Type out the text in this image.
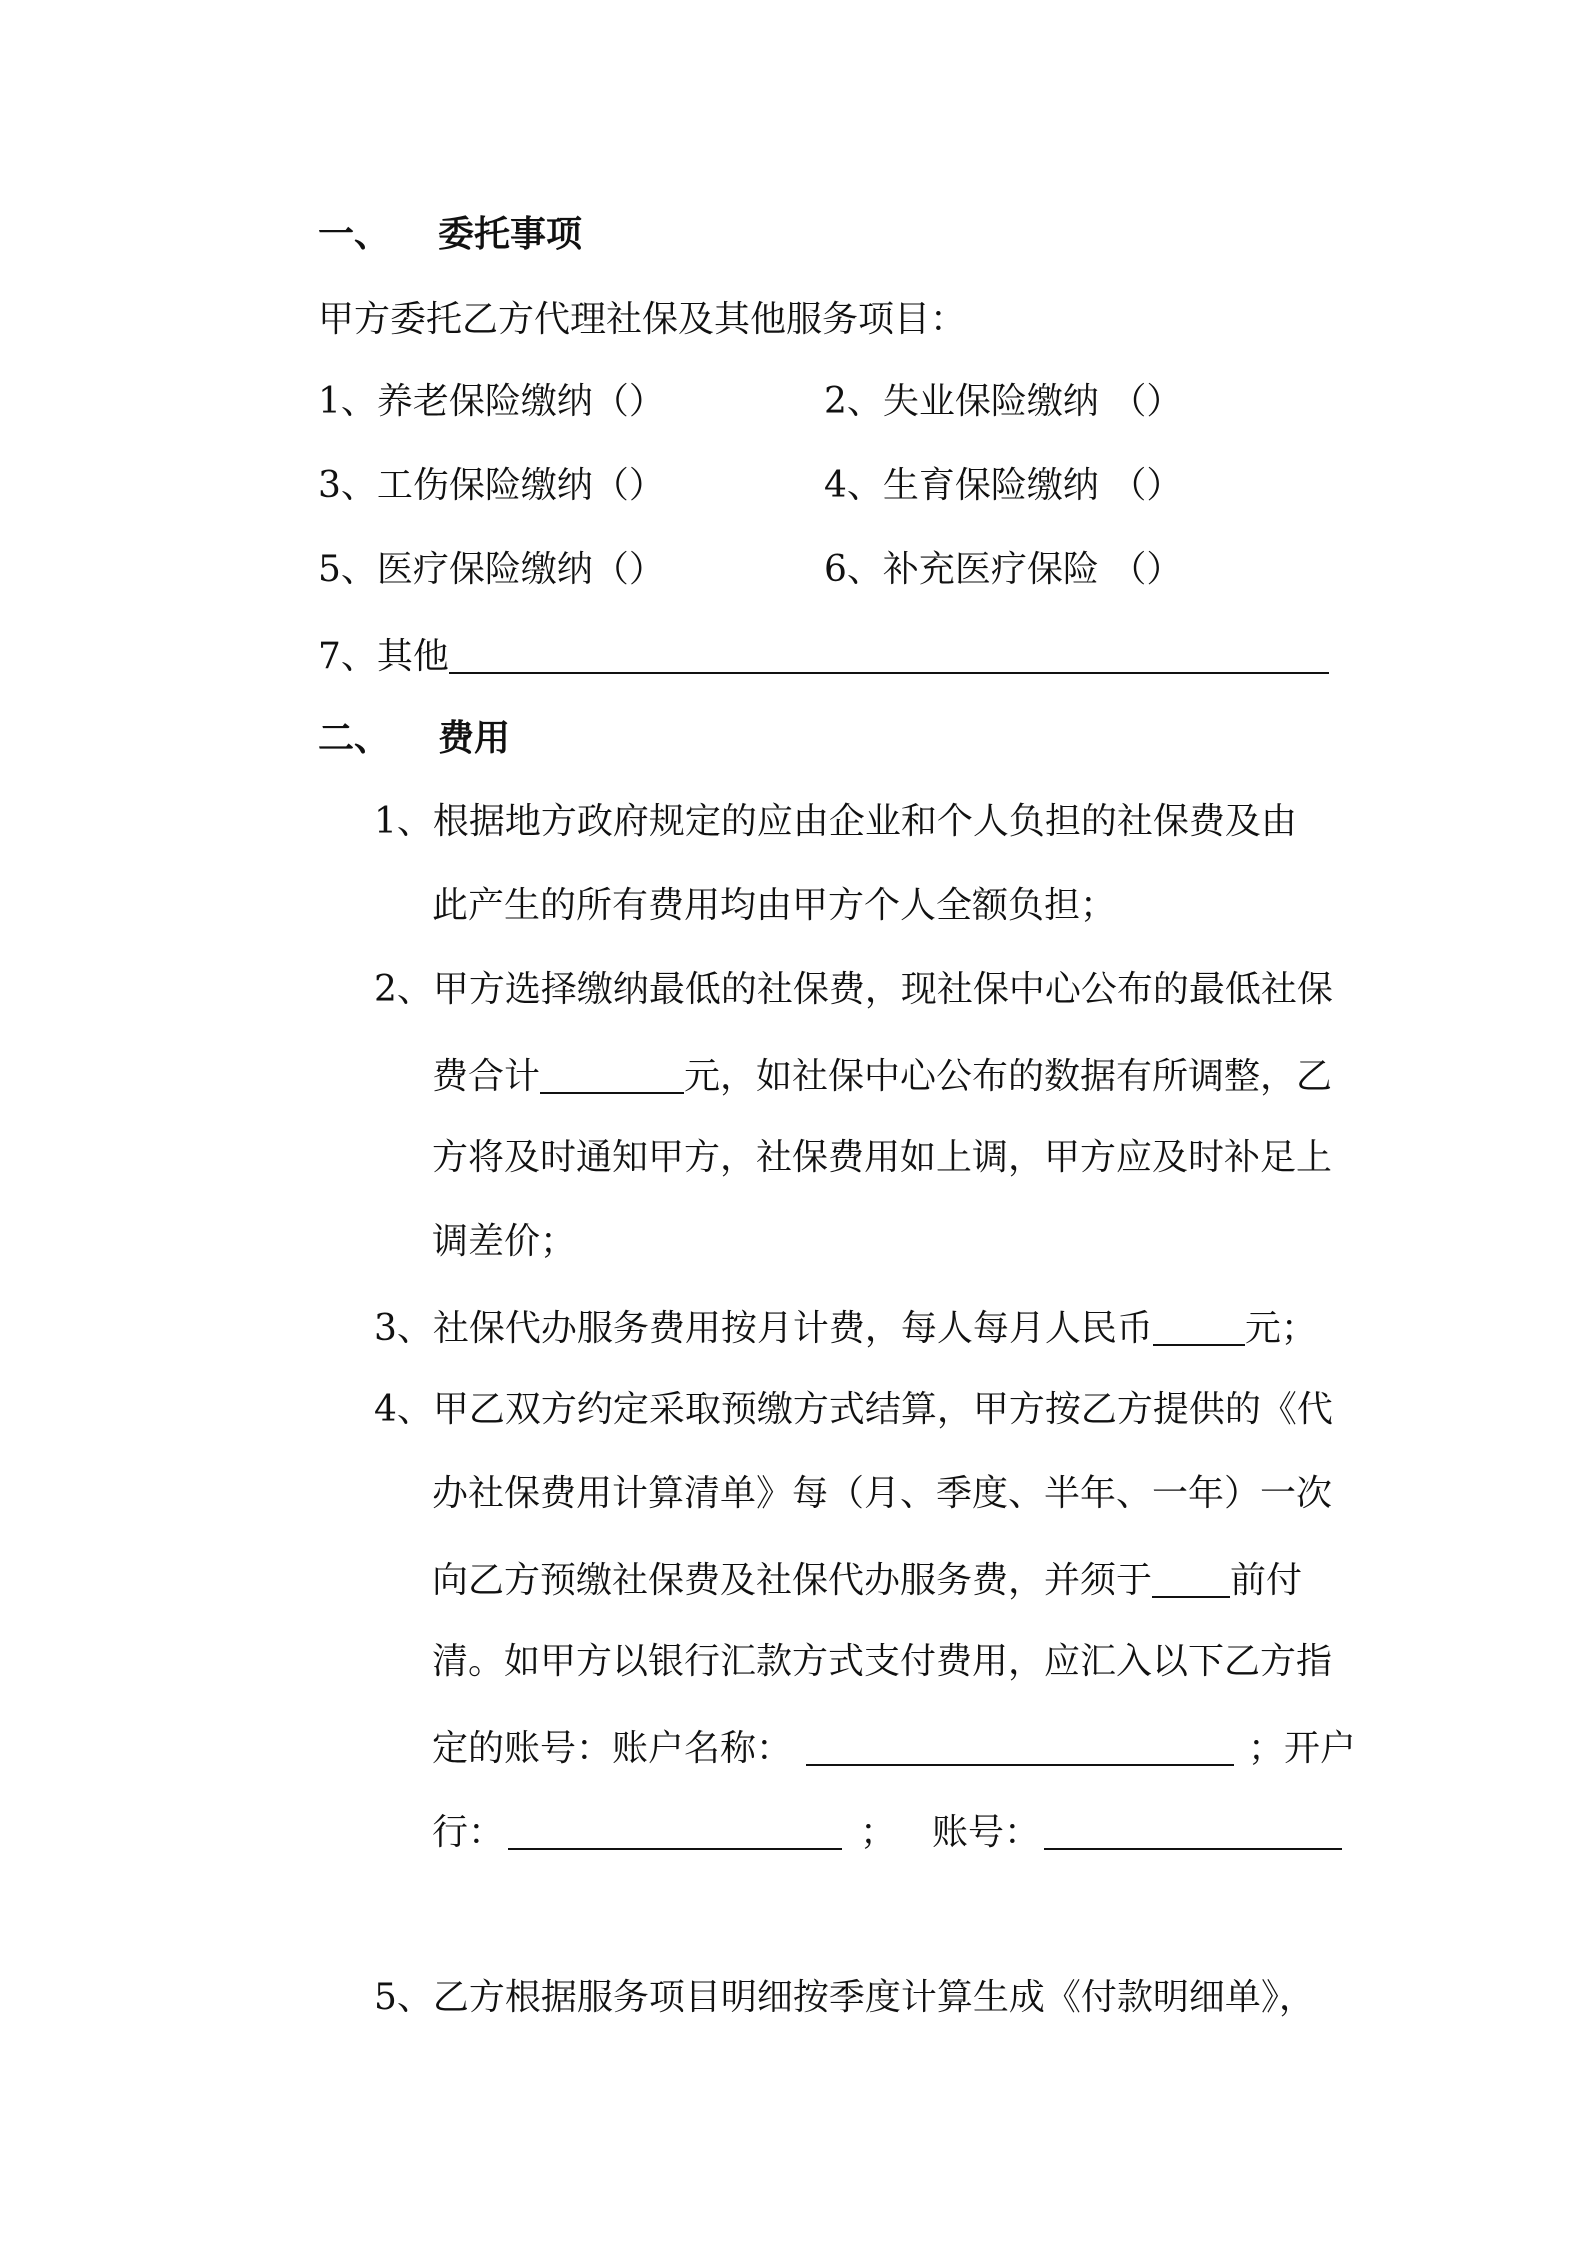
一、 委托事项
甲方委托乙方代理社保及其他服务项目：
1、养老保险缴纳（）	2、失业保险缴纳 （）
3、工伤保险缴纳（）	4、生育保险缴纳 （）
5、医疗保险缴纳（）	6、补充医疗保险 （）
7、其他
二、 费用
1、根据地方政府规定的应由企业和个人负担的社保费及由
此产生的所有费用均由甲方个人全额负担；
2、甲方选择缴纳最低的社保费，现社保中心公布的最低社保
费合计	元，如社保中心公布的数据有所调整，乙
方将及时通知甲方，社保费用如上调，甲方应及时补足上
调差价；
3、社保代办服务费用按月计费，每人每月人民币	元；
4、甲乙双方约定采取预缴方式结算，甲方按乙方提供的《代
办社保费用计算清单》每（月、季度、半年、一年）一次
向乙方预缴社保费及社保代办服务费，并须于 前付
清。如甲方以银行汇款方式支付费用，应汇入以下乙方指
定的账号：账户名称：	；开户
行：	； 账号：
5、乙方根据服务项目明细按季度计算生成《付款明细单》，
